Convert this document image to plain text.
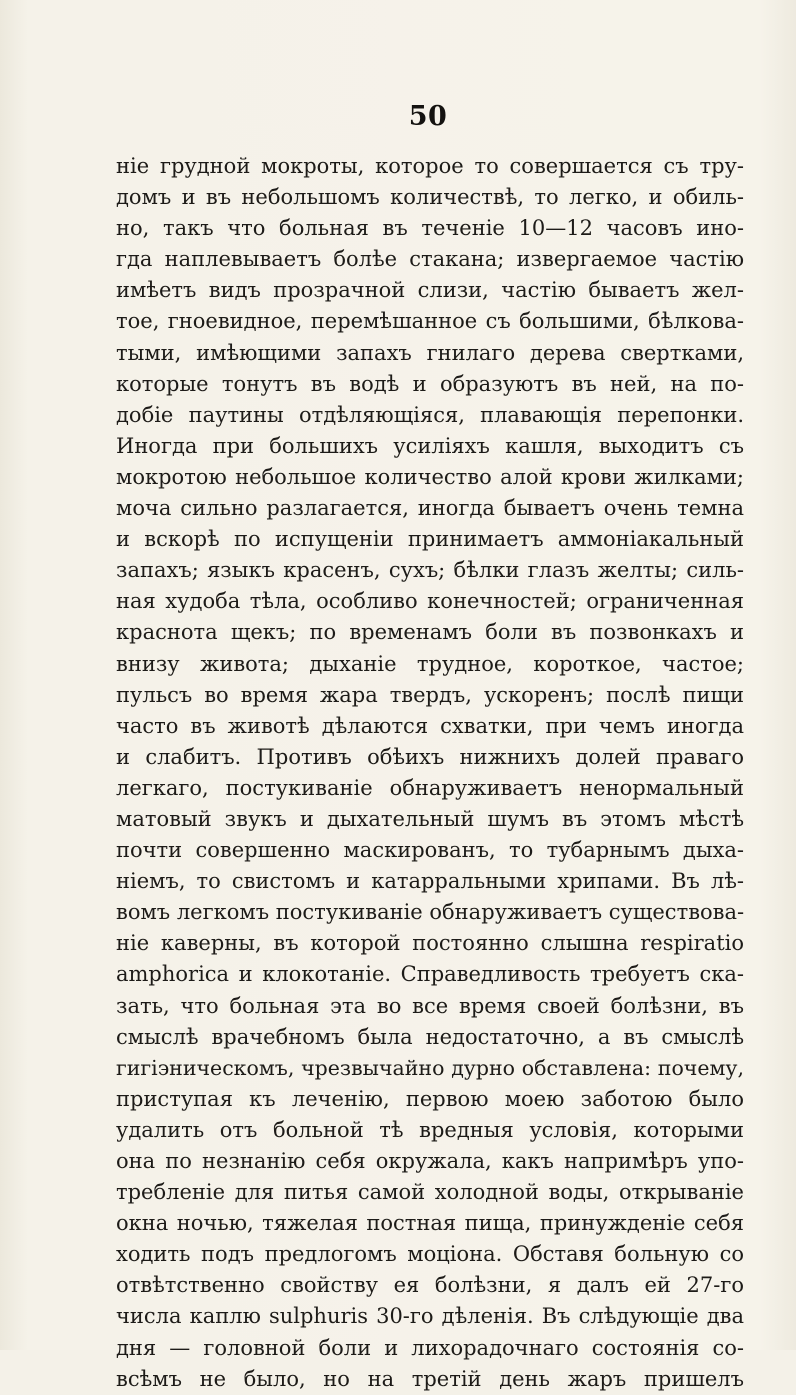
50
ніе грудной мокроты, которое то совершается съ тру-
домъ и въ небольшомъ количествѣ, то легко, и обиль-
но, такъ что больная въ теченіе 10—12 часовъ ино-
гда наплевываетъ болѣе стакана; извергаемое частію
имѣетъ видъ прозрачной слизи, частію бываетъ жел-
тое, гноевидное, перемѣшанное съ большими, бѣлкова-
тыми, имѣющими запахъ гнилаго дерева свертками,
которые тонутъ въ водѣ и образуютъ въ ней, на по-
добіе паутины отдѣляющіяся, плавающія перепонки.
Иногда при большихъ усиліяхъ кашля, выходитъ съ
мокротою небольшое количество алой крови жилками;
моча сильно разлагается, иногда бываетъ очень темна
и вскорѣ по испущеніи принимаетъ аммоніакальный
запахъ; языкъ красенъ, сухъ; бѣлки глазъ желты; силь-
ная худоба тѣла, особливо конечностей; ограниченная
краснота щекъ; по временамъ боли въ позвонкахъ и
внизу живота; дыханіе трудное, короткое, частое;
пульсъ во время жара твердъ, ускоренъ; послѣ пищи
часто въ животѣ дѣлаются схватки, при чемъ иногда
и слабитъ. Противъ обѣихъ нижнихъ долей праваго
легкаго, постукиваніе обнаруживаетъ ненормальный
матовый звукъ и дыхательный шумъ въ этомъ мѣстѣ
почти совершенно маскированъ, то тубарнымъ дыха-
ніемъ, то свистомъ и катарральными хрипами. Въ лѣ-
вомъ легкомъ постукиваніе обнаруживаетъ существова-
ніе каверны, въ которой постоянно слышна respiratio
amphorica и клокотаніе. Справедливость требуетъ ска-
зать, что больная эта во все время своей болѣзни, въ
смыслѣ врачебномъ была недостаточно, а въ смыслѣ
гигіэническомъ, чрезвычайно дурно обставлена: почему,
приступая къ леченію, первою моею заботою было
удалить отъ больной тѣ вредныя условія, которыми
она по незнанію себя окружала, какъ напримѣръ упо-
требленіе для питья самой холодной воды, открываніе
окна ночью, тяжелая постная пища, принужденіе себя
ходить подъ предлогомъ моціона. Обставя больную со
отвѣтственно свойству ея болѣзни, я далъ ей 27-го
числа каплю sulphuris 30-го дѣленія. Въ слѣдующіе два
дня — головной боли и лихорадочнаго состоянія со-
всѣмъ не было, но на третій день жаръ пришелъ
